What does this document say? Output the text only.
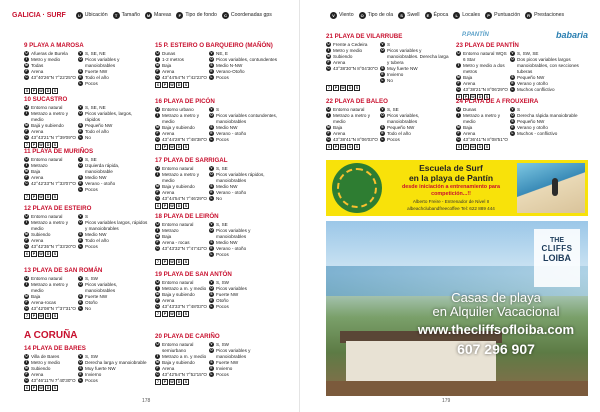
GALICIA · SURF	U Ubicación	T Tamaño	M Mareas	F Tipo de fondo	C Coordenadas gps	V Viento	O Tipo de ola	S Swell	E Época	L Locales	P Puntuación	R Prestaciones
P.PANTÍN	babaria
9 PLAYA A MAROSA
U Afueras de Burela
T Metro y medio
M Todas
F Arena
C 43°40'26"N 7°22'25"O
V S, SE, NE
O Picos variables y manoiobrables
S Fuerte NW
E Todo el año
L Pocos
5	P	W	D	S
10 SUCASTRO
U Entorno natural
T Metrazo a metro y medio
M Bajá y subiendo
F Arena
C 43°43'21"N 7°39'09"O
V S, SE, NE
O Picos variables, largos, rápidos
S Pequeño NW
E Todo el año
L No
7	P	W	D	S
11 PLAYA DE MURIÑOS
U Entorno natural
T Metrazo
M Baja
F Arena
C 42°42'33"N 7°33'07"O
V S, SE
O Izquierda rápida, manoiobrable
S Medio NW
E Verano - otoño
L Pocos
7	P	W	D	S
12 PLAYA DE ESTEIRO
U Entorno natural
T Metrazo a metro y medio
M Subiendo
F Arena
C 43°42'35"N 7°33'20"O
V S
O Picos variables largos, rápidos y manoiobrables
S Medio NW
E Todo el año
L Pocos
6	P	W	D	S
13 PLAYA DE SAN ROMÁN
U Entorno natural
T Metrazo a metro y medio
M Baja
F Arena-rocas
C 43°42'08"N 7°37'31"O
V S, SW
O Picos variables, manoiobrables
S Fuerte NW
E Otoño
L No
7	P	W	D	S
14 PLAYA DE BARES
U Villa de Bares
T Metro y medio
M Subiendo
F Arena
C 43°46'11"N 7°40'30"O
V S, SW
O Derecha larga y manoiobrable
S Muy fuerte NW
E Invierno
L Pocos
6	P	W	D	S
15 P. ESTEIRO O BARQUEIRO (MAÑÓN)
U Dunas
T 1-2 metros
M Baja
F Arena
C 43°44'54"N 7°42'23"O
V NE, E
O Picos variables, contundentes
S Medio N-NW
E Verano-Otoño
L Pocos
6	P	W	D	S
16 PLAYA DE PICÓN
U Entorno urbano
T Metrazo a metro y medio
M Baja y subiendo
F Arena
C 43°44'28"N 7°48'38"O
V S
O Picos variables contundentes, manoiobrables
S Medio NW
E Verano - otoño
L Pocos
7	P	W	D	S
17 PLAYA DE SARRIGAL
U Entorno natural
T Metrazo a metro y medio
M Baja y subiendo
F Arena
C 43°44'54"N 7°46'29"O
V S, SE
O Picos variables rápidos, manoiobrables
S Medio NW
E Verano - otoño
L No
6	P	W	D	S
18 PLAYA DE LEIRÓN
U Entorno natural
T Metrazo
M Baja
F Arena - rocas
C 43°43'32"N 7°47'42"O
V S, SE
O Picos variables y manoiobrables
S Medio NW
E Verano - otoño
L Pocos
7	P	W	D	S
19 PLAYA DE SAN ANTÓN
U Entorno natural
T Metrazo a m. y medio
M Baja y subiendo
F Arena
C 43°43'33"N 7°48'03"O
V S, SW
O Picos variables
S Fuerte NW
E Otoño
L Pocos
7	P	W	D	S
20 PLAYA DE CARIÑO
U Entorno natural semiurbano
T Metrazo a m. y medio
M Baja y subiendo
F Arena
C 43°42'54"N 7°52'15"O
V S, SW
O Picos variables y manoiobrables
S Fuerte NW
E Invierno
L Pocos
7	P	W	D	S
21 PLAYA DE VILARRUBE
U Frente a Cedeira
T Metro y medio
M Subiendo
F Arena
C 43°38'30"N 8°04'30"O
V S
O Picos variables y manoiobrables. Derecha larga y tubera
S Muy fuerte NW
E Invierno
L No
7	P	W	D	S
22 PLAYA DE BALEO
U Entorno natural
T Metrazo a metro y medio
M Baja
F Arena
C 43°38'41"N 8°06'03"O
V S, SE
O Picos variables, manoiobrables
S Pequeño NW
E Todo el año
L Pocos
6	P	W	D	S
23 PLAYA DE PANTÍN
U Entorno natural WQS 6 Star
T Metro y medio a dos metros
M Baja
F Arena
C 43°38'21"N 8°06'29"O
V S, SW, SE
O Dos picos variables largos manoiobrables, con secciones tuberas
S Pequeño NW
E Verano y otoño
L Muchos conflictivo
8	P	W	D	S
24 PLAYA DE A FROUXEIRA
U Dunas
T Metrazo a metro y medio
M Baja
F Arena
C 43°36'41"N 8°08'51"O
V S
O Derecha rápida manoiobrable
S Pequeño NW
E Verano y otoño
L Muchos - conflictivo
6	P	W	D	S
A CORUÑA
Escuela de Surf
en la playa de Pantín
desde iniciación a entrenamiento para competición...!!
Alberto Freire - Entrenador de Nivel II
albeachclubandfreecoffee Tel: 622 889 444
THE
CLIFFS
LOIBA
Casas de playa
en Alquiler Vacacional
www.thecliffsofloiba.com
607 296 907
178	179
